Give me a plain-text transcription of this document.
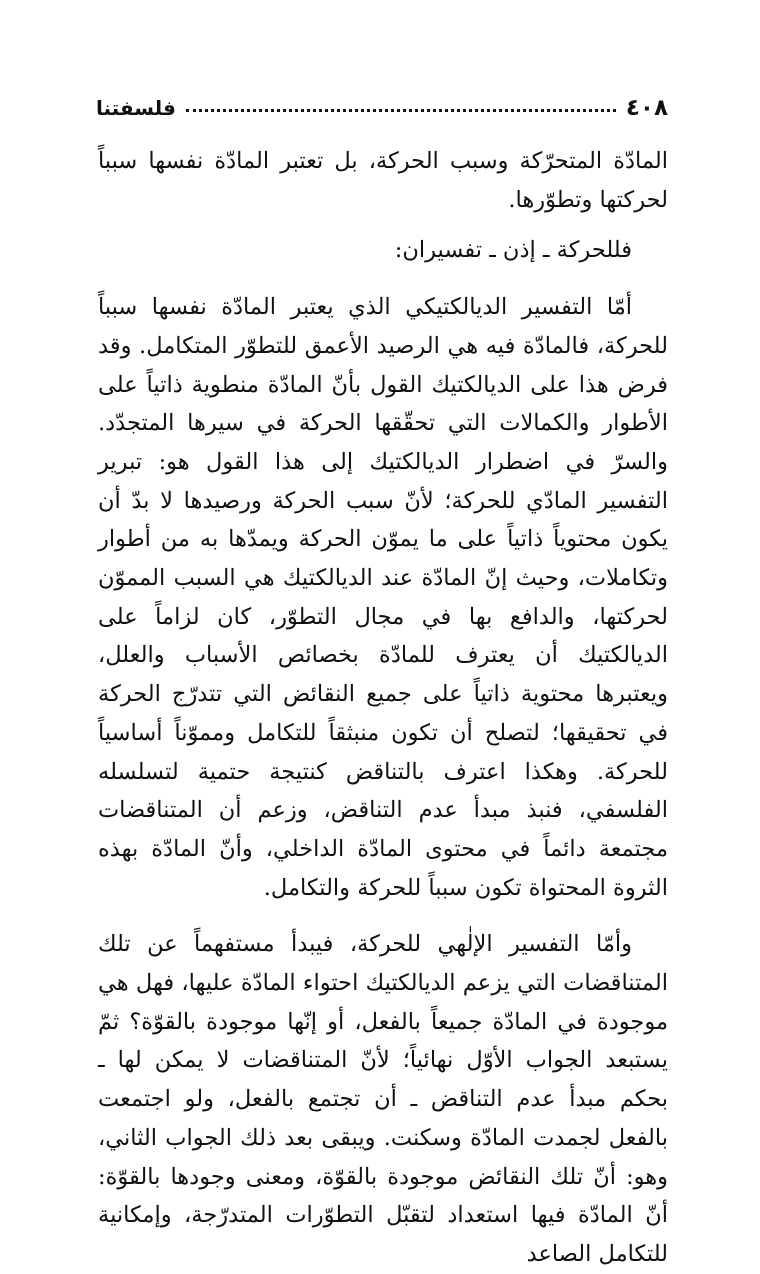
٤٠٨
فلسفتنا

المادّة المتحرّكة وسبب الحركة، بل تعتبر المادّة نفسها سبباً لحركتها وتطوّرها.

فللحركة ـ إذن ـ تفسيران:

أمّا التفسير الديالكتيكي الذي يعتبر المادّة نفسها سبباً للحركة، فالمادّة فيه هي الرصيد الأعمق للتطوّر المتكامل. وقد فرض هذا على الديالكتيك القول بأنّ المادّة منطوية ذاتياً على الأطوار والكمالات التي تحقّقها الحركة في سيرها المتجدّد. والسرّ في اضطرار الديالكتيك إلى هذا القول هو: تبرير التفسير المادّي للحركة؛ لأنّ سبب الحركة ورصيدها لا بدّ أن يكون محتوياً ذاتياً على ما يموّن الحركة ويمدّها به من أطوار وتكاملات، وحيث إنّ المادّة عند الديالكتيك هي السبب المموّن لحركتها، والدافع بها في مجال التطوّر، كان لزاماً على الديالكتيك أن يعترف للمادّة بخصائص الأسباب والعلل، ويعتبرها محتوية ذاتياً على جميع النقائض التي تتدرّج الحركة في تحقيقها؛ لتصلح أن تكون منبثقاً للتكامل ومموّناً أساسياً للحركة. وهكذا اعترف بالتناقض كنتيجة حتمية لتسلسله الفلسفي، فنبذ مبدأ عدم التناقض، وزعم أن المتناقضات مجتمعة دائماً في محتوى المادّة الداخلي، وأنّ المادّة بهذه الثروة المحتواة تكون سبباً للحركة والتكامل.

وأمّا التفسير الإلٰهي للحركة، فيبدأ مستفهماً عن تلك المتناقضات التي يزعم الديالكتيك احتواء المادّة عليها، فهل هي موجودة في المادّة جميعاً بالفعل، أو إنّها موجودة بالقوّة؟ ثمّ يستبعد الجواب الأوّل نهائياً؛ لأنّ المتناقضات لا يمكن لها ـ بحكم مبدأ عدم التناقض ـ أن تجتمع بالفعل، ولو اجتمعت بالفعل لجمدت المادّة وسكنت. ويبقى بعد ذلك الجواب الثاني، وهو: أنّ تلك النقائض موجودة بالقوّة، ومعنى وجودها بالقوّة: أنّ المادّة فيها استعداد لتقبّل التطوّرات المتدرّجة، وإمكانية للتكامل الصاعد
